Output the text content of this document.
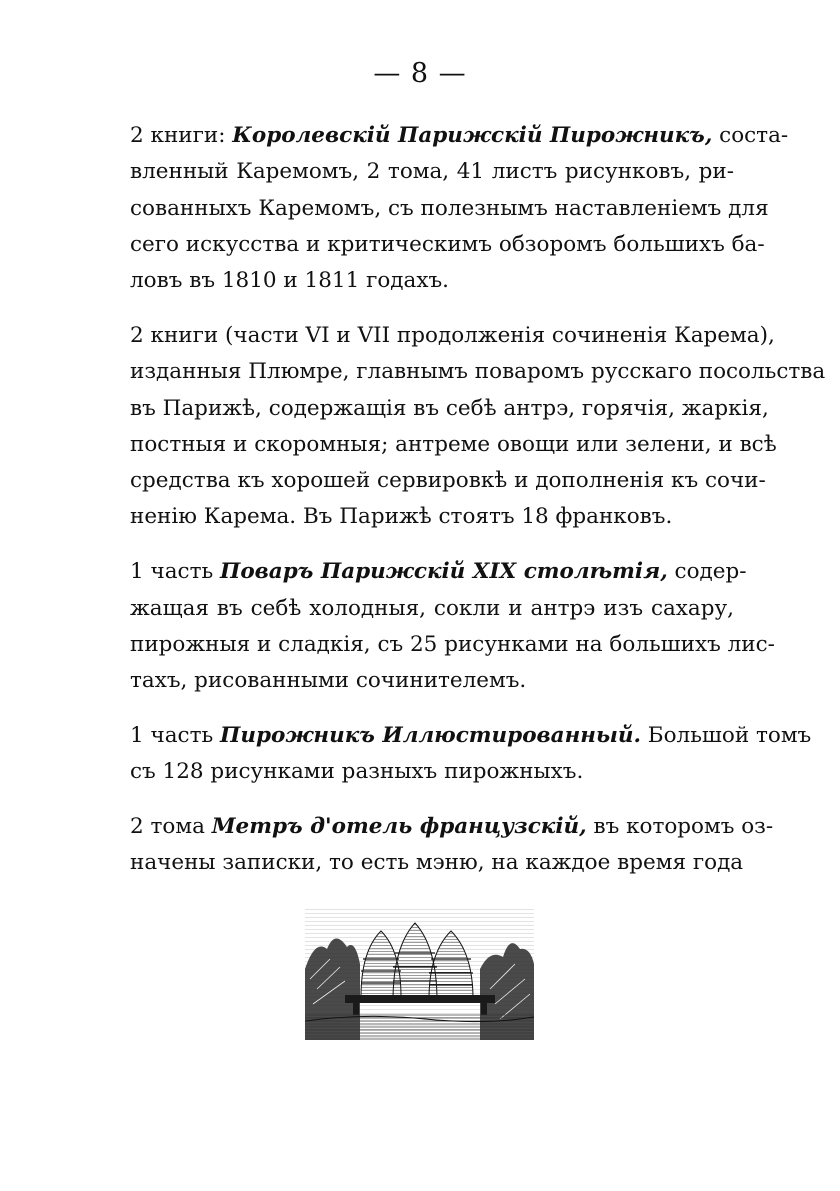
— 8 —

2 книги: Королевскій Парижскій Пирожникъ, соста-
вленный Каремомъ, 2 тома, 41 листъ рисунковъ, ри-
сованныхъ Каремомъ, съ полезнымъ наставленіемъ для
сего искусства и критическимъ обзоромъ большихъ ба-
ловъ въ 1810 и 1811 годахъ.

2 книги (части VI и VII продолженія сочиненія Карема),
изданныя Плюмре, главнымъ поваромъ русскаго посольства
въ Парижѣ, содержащія въ себѣ антрэ, горячія, жаркія,
постныя и скоромныя; антреме овощи или зелени, и всѣ
средства къ хорошей сервировкѣ и дополненія къ сочи-
ненію Карема. Въ Парижѣ стоятъ 18 франковъ.

1 часть Поваръ Парижскій XIX столѣтія, содер-
жащая въ себѣ холодныя, сокли и антрэ изъ сахару,
пирожныя и сладкія, съ 25 рисунками на большихъ лис-
тахъ, рисованными сочинителемъ.

1 часть Пирожникъ Иллюстированный. Большой томъ
съ 128 рисунками разныхъ пирожныхъ.

2 тома Метръ д'отель французскій, въ которомъ оз-
начены записки, то есть мэню, на каждое время года
